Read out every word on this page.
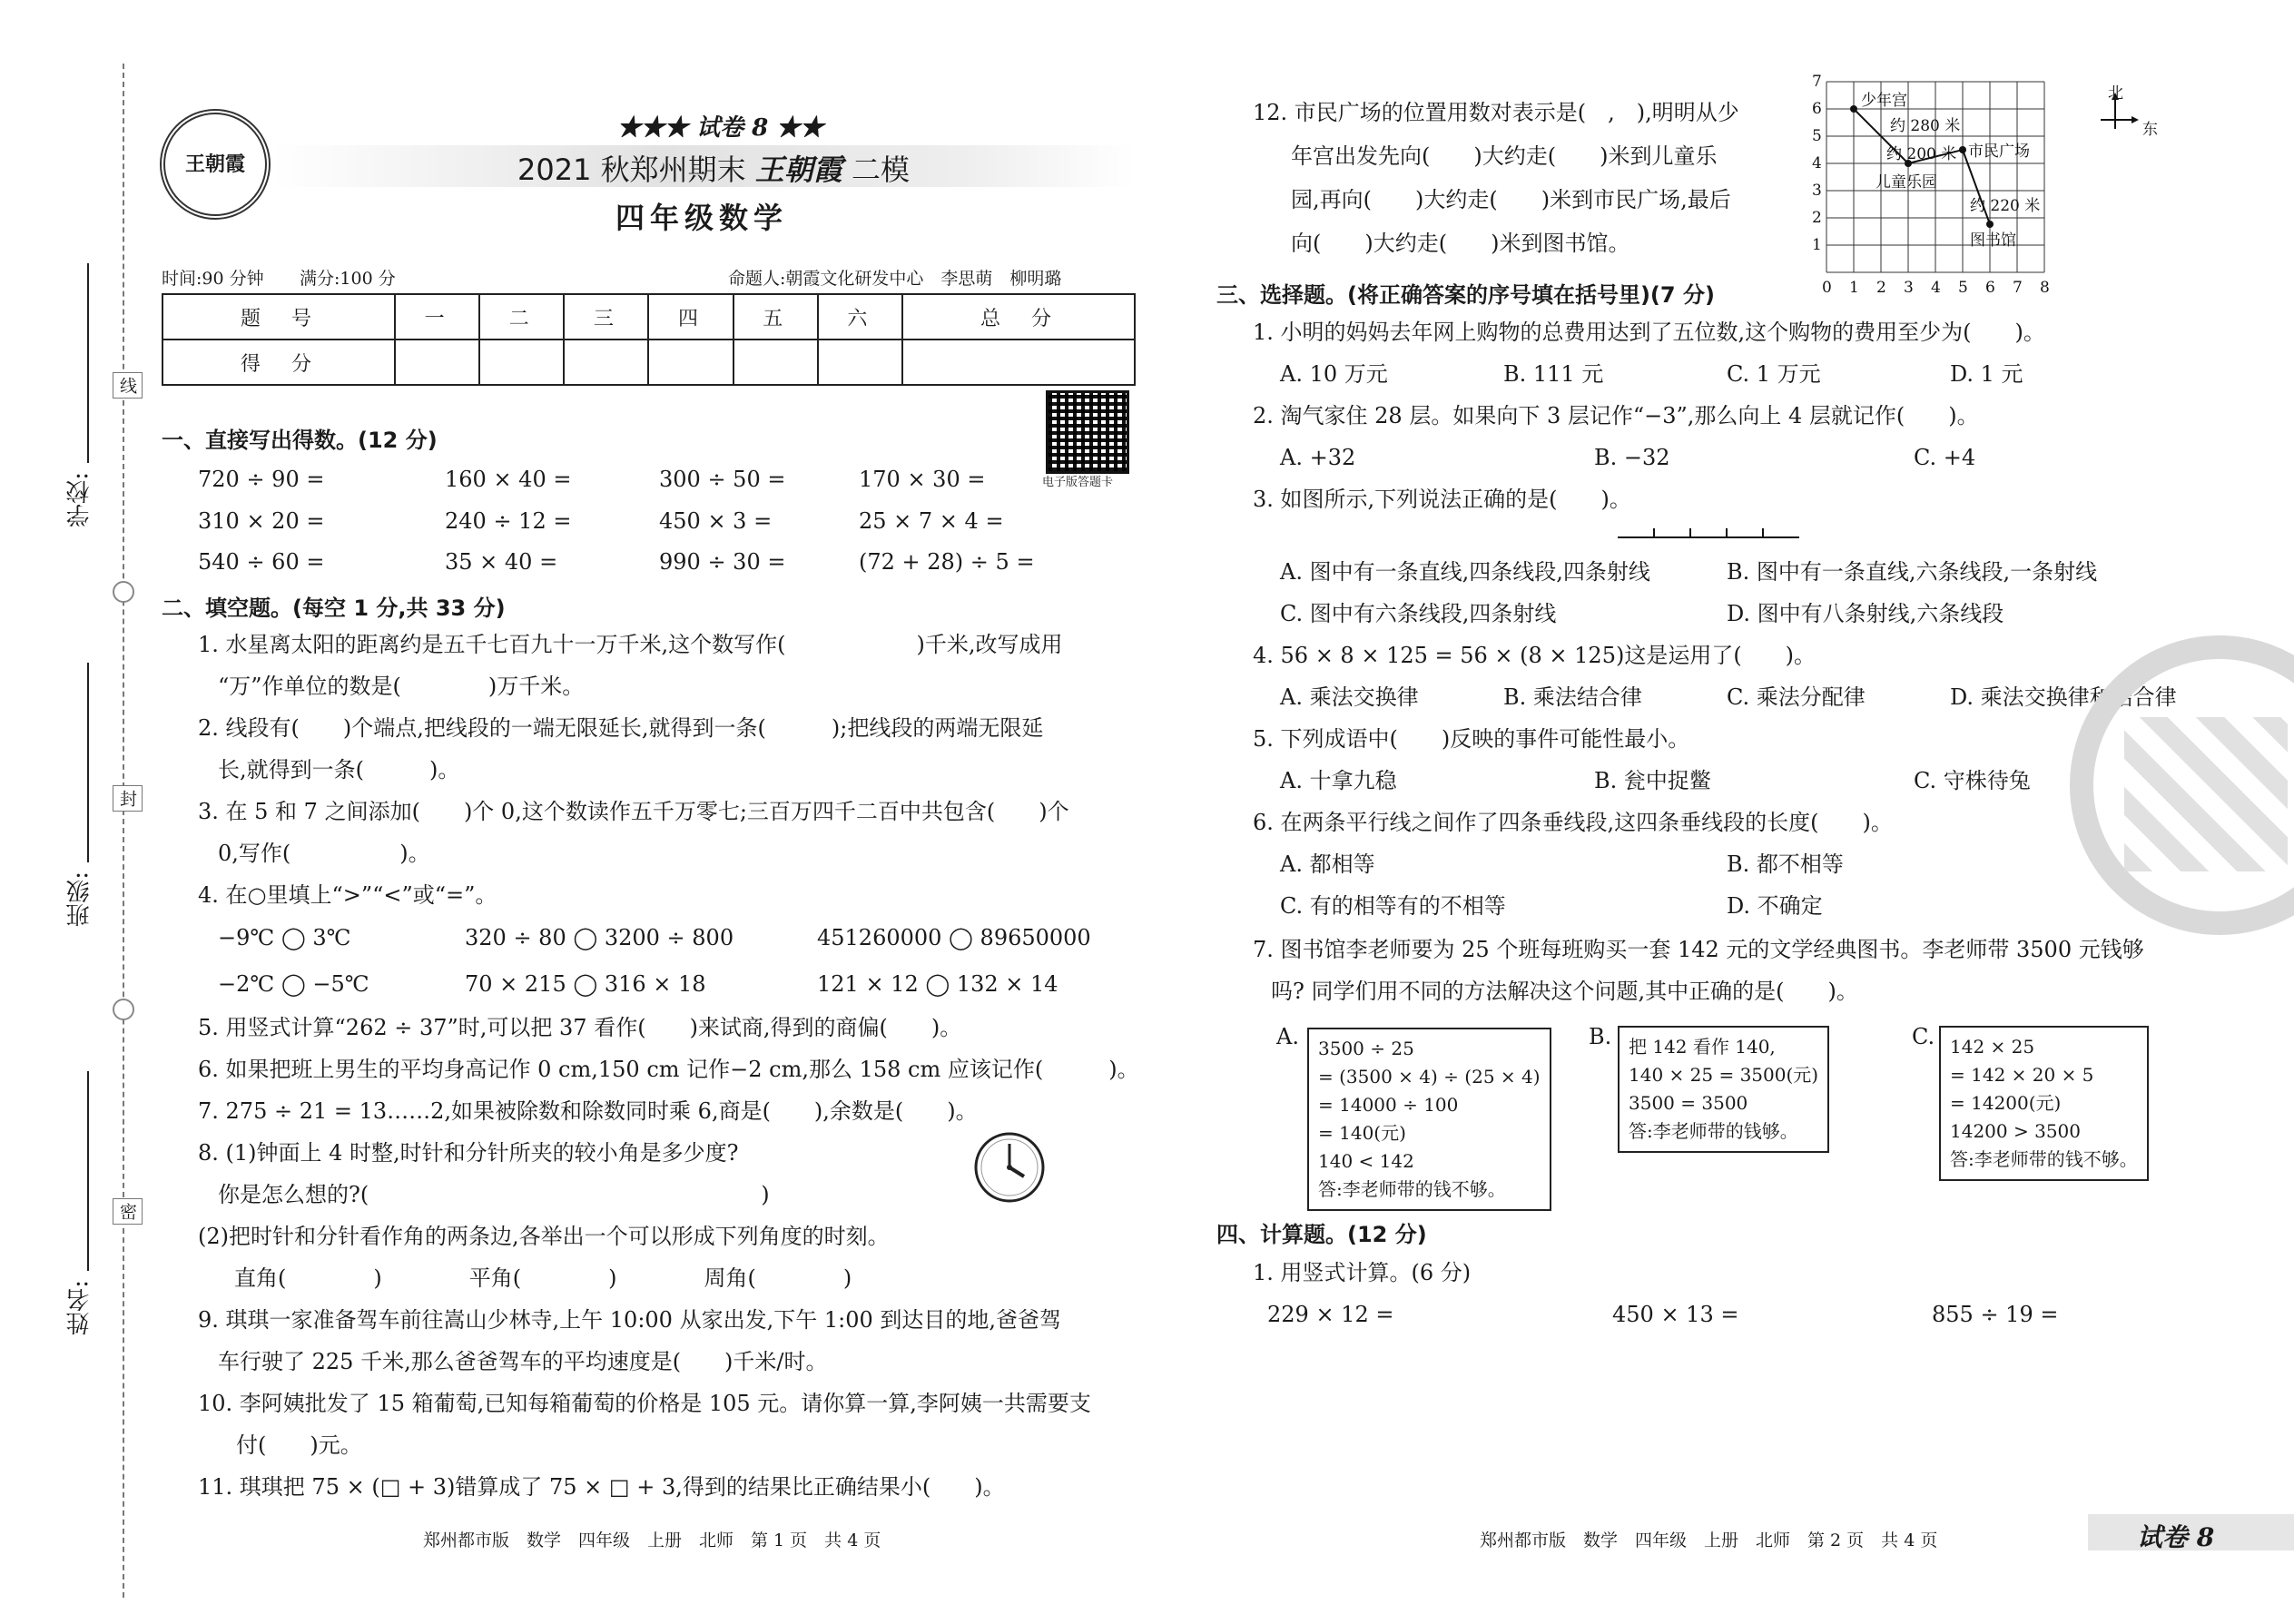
线
封
密
学校:
班级:
姓名:
王朝霞
★★★ 试卷 8 ★★
2021 秋郑州期末 王朝霞 二模
四年级数学
时间:90 分钟 满分:100 分	命题人:朝霞文化研发中心　李思萌　柳明璐
题　号	一	二	三	四	五	六	总　分
得　分							
电子版答题卡
一、直接写出得数。(12 分)
720 ÷ 90 =	160 × 40 =	300 ÷ 50 =	170 × 30 =
310 × 20 =	240 ÷ 12 =	450 × 3 =	25 × 7 × 4 =
540 ÷ 60 =	35 × 40 =	990 ÷ 30 =	(72 + 28) ÷ 5 =
二、填空题。(每空 1 分,共 33 分)
1. 水星离太阳的距离约是五千七百九十一万千米,这个数写作(　　　　　　)千米,改写成用
“万”作单位的数是(　　　　)万千米。
2. 线段有(　　)个端点,把线段的一端无限延长,就得到一条(　　　);把线段的两端无限延
长,就得到一条(　　　)。
3. 在 5 和 7 之间添加(　　)个 0,这个数读作五千万零七;三百万四千二百中共包含(　　)个
0,写作(　　　　　)。
4. 在○里填上“>”“<”或“=”。
−9℃ ◯ 3℃	320 ÷ 80 ◯ 3200 ÷ 800	451260000 ◯ 89650000
−2℃ ◯ −5℃	70 × 215 ◯ 316 × 18	121 × 12 ◯ 132 × 14
5. 用竖式计算“262 ÷ 37”时,可以把 37 看作(　　)来试商,得到的商偏(　　)。
6. 如果把班上男生的平均身高记作 0 cm,150 cm 记作−2 cm,那么 158 cm 应该记作(　　　)。
7. 275 ÷ 21 = 13……2,如果被除数和除数同时乘 6,商是(　　),余数是(　　)。
8. (1)钟面上 4 时整,时针和分针所夹的较小角是多少度?
你是怎么想的?(　　　　　　　　　　　　　　　　　　)
(2)把时针和分针看作角的两条边,各举出一个可以形成下列角度的时刻。
直角(　　　　)　　　　平角(　　　　)　　　　周角(　　　　)
9. 琪琪一家准备驾车前往嵩山少林寺,上午 10:00 从家出发,下午 1:00 到达目的地,爸爸驾
车行驶了 225 千米,那么爸爸驾车的平均速度是(　　)千米/时。
10. 李阿姨批发了 15 箱葡萄,已知每箱葡萄的价格是 105 元。请你算一算,李阿姨一共需要支
付(　　)元。
11. 琪琪把 75 × (□ + 3)错算成了 75 × □ + 3,得到的结果比正确结果小(　　)。
郑州都市版　数学　四年级　上册　北师　第 1 页　共 4 页
12. 市民广场的位置用数对表示是(　,　),明明从少
年宫出发先向(　　)大约走(　　)米到儿童乐
园,再向(　　)大约走(　　)米到市民广场,最后
向(　　)大约走(　　)米到图书馆。
7
6
5
4
3
2
1
0 1 2 3 4 5 6 7 8
少年宫
约 280 米
约 200 米 市民广场
儿童乐园
约 220 米
图书馆
北
东
三、选择题。(将正确答案的序号填在括号里)(7 分)
1. 小明的妈妈去年网上购物的总费用达到了五位数,这个购物的费用至少为(　　)。
A. 10 万元	B. 111 元	C. 1 万元	D. 1 元
2. 淘气家住 28 层。如果向下 3 层记作“−3”,那么向上 4 层就记作(　　)。
A. +32	B. −32	C. +4
3. 如图所示,下列说法正确的是(　　)。
A. 图中有一条直线,四条线段,四条射线	B. 图中有一条直线,六条线段,一条射线
C. 图中有六条线段,四条射线	D. 图中有八条射线,六条线段
4. 56 × 8 × 125 = 56 × (8 × 125)这是运用了(　　)。
A. 乘法交换律	B. 乘法结合律	C. 乘法分配律	D. 乘法交换律和结合律
5. 下列成语中(　　)反映的事件可能性最小。
A. 十拿九稳	B. 瓮中捉鳖	C. 守株待兔
6. 在两条平行线之间作了四条垂线段,这四条垂线段的长度(　　)。
A. 都相等	B. 都不相等
C. 有的相等有的不相等	D. 不确定
7. 图书馆李老师要为 25 个班每班购买一套 142 元的文学经典图书。李老师带 3500 元钱够
吗? 同学们用不同的方法解决这个问题,其中正确的是(　　)。
A.	3500 ÷ 25
= (3500 × 4) ÷ (25 × 4)
= 14000 ÷ 100
= 140(元)
140 < 142
答:李老师带的钱不够。
B. 把 142 看作 140,
140 × 25 = 3500(元)
3500 = 3500
答:李老师带的钱够。
C. 142 × 25
= 142 × 20 × 5
= 14200(元)
14200 > 3500
答:李老师带的钱不够。
四、计算题。(12 分)
1. 用竖式计算。(6 分)
229 × 12 =	450 × 13 =	855 ÷ 19 =
郑州都市版　数学　四年级　上册　北师　第 2 页　共 4 页	试卷 8
